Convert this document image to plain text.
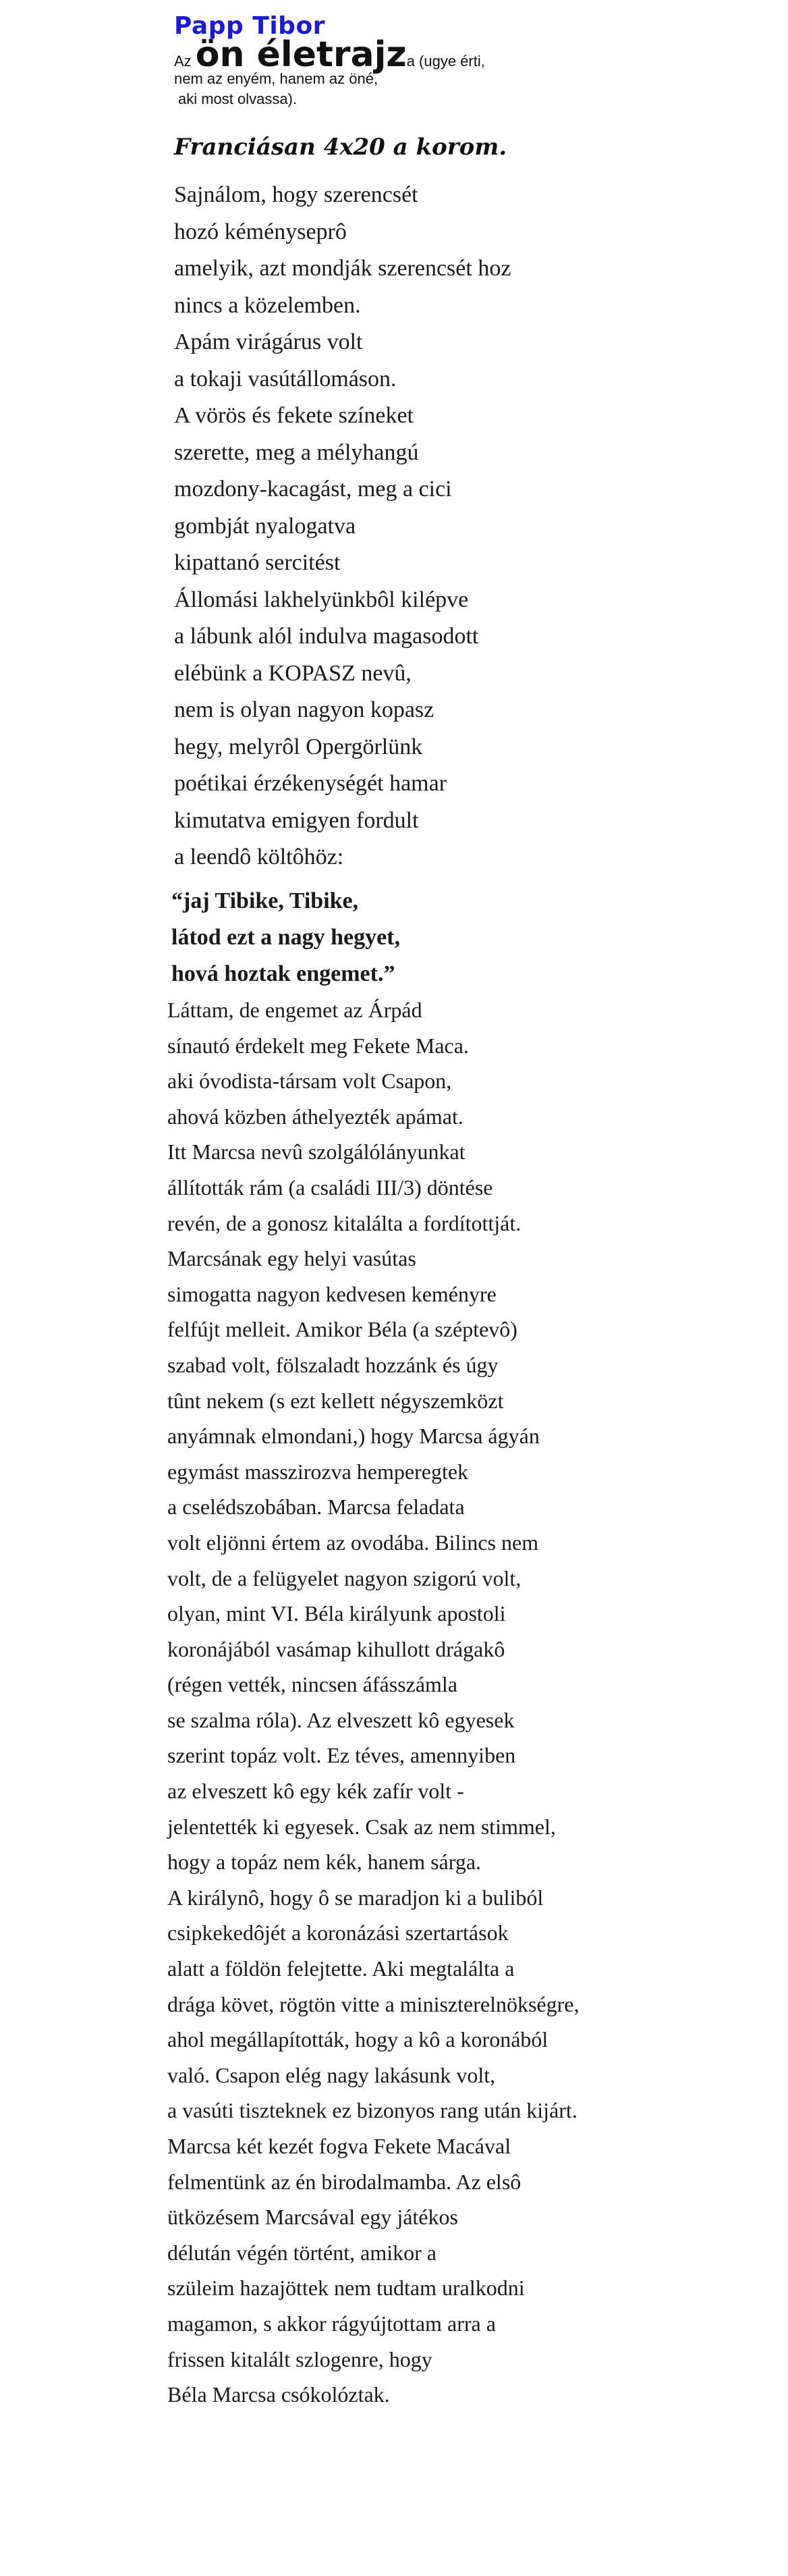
Papp Tibor
Az ön életrajza (ugye érti,
nem az enyém, hanem az öné,
aki most olvassa).
Franciásan 4x20 a korom.
Sajnálom, hogy szerencsét
hozó kéményseprô
amelyik, azt mondják szerencsét hoz
nincs a közelemben.
Apám virágárus volt
a tokaji vasútállomáson.
A vörös és fekete színeket
szerette, meg a mélyhangú
mozdony-kacagást, meg a cici
gombját nyalogatva
kipattanó sercitést
Állomási lakhelyünkbôl kilépve
a lábunk alól indulva magasodott
elébünk a KOPASZ nevû,
nem is olyan nagyon kopasz
hegy, melyrôl Opergörlünk
poétikai érzékenységét hamar
kimutatva emigyen fordult
a leendô költôhöz:
“jaj Tibike, Tibike,
látod ezt a nagy hegyet,
hová hoztak engemet.”
Láttam, de engemet az Árpád
sínautó érdekelt meg Fekete Maca.
aki óvodista-társam volt Csapon,
ahová közben áthelyezték apámat.
Itt Marcsa nevû szolgálólányunkat
állították rám (a családi III/3) döntése
revén, de a gonosz kitalálta a fordítottját.
Marcsának egy helyi vasútas
simogatta nagyon kedvesen keményre
felfújt melleit. Amikor Béla (a széptevô)
szabad volt, fölszaladt hozzánk és úgy
tûnt nekem (s ezt kellett négyszemközt
anyámnak elmondani,) hogy Marcsa ágyán
egymást masszirozva hemperegtek
a cselédszobában. Marcsa feladata
volt eljönni értem az ovodába. Bilincs nem
volt, de a felügyelet nagyon szigorú volt,
olyan, mint VI. Béla királyunk apostoli
koronájából vasámap kihullott drágakô
(régen vették, nincsen áfásszámla
se szalma róla). Az elveszett kô egyesek
szerint topáz volt. Ez téves, amennyiben
az elveszett kô egy kék zafír volt -
jelentették ki egyesek. Csak az nem stimmel,
hogy a topáz nem kék, hanem sárga.
A királynô, hogy ô se maradjon ki a buliból
csipkekedôjét a koronázási szertartások
alatt a földön felejtette. Aki megtalálta a
drága követ, rögtön vitte a miniszterelnökségre,
ahol megállapították, hogy a kô a koronából
való. Csapon elég nagy lakásunk volt,
a vasúti tiszteknek ez bizonyos rang után kijárt.
Marcsa két kezét fogva Fekete Macával
felmentünk az én birodalmamba. Az elsô
ütközésem Marcsával egy játékos
délután végén történt, amikor a
szüleim hazajöttek nem tudtam uralkodni
magamon, s akkor rágyújtottam arra a
frissen kitalált szlogenre, hogy
Béla Marcsa csókolóztak.
